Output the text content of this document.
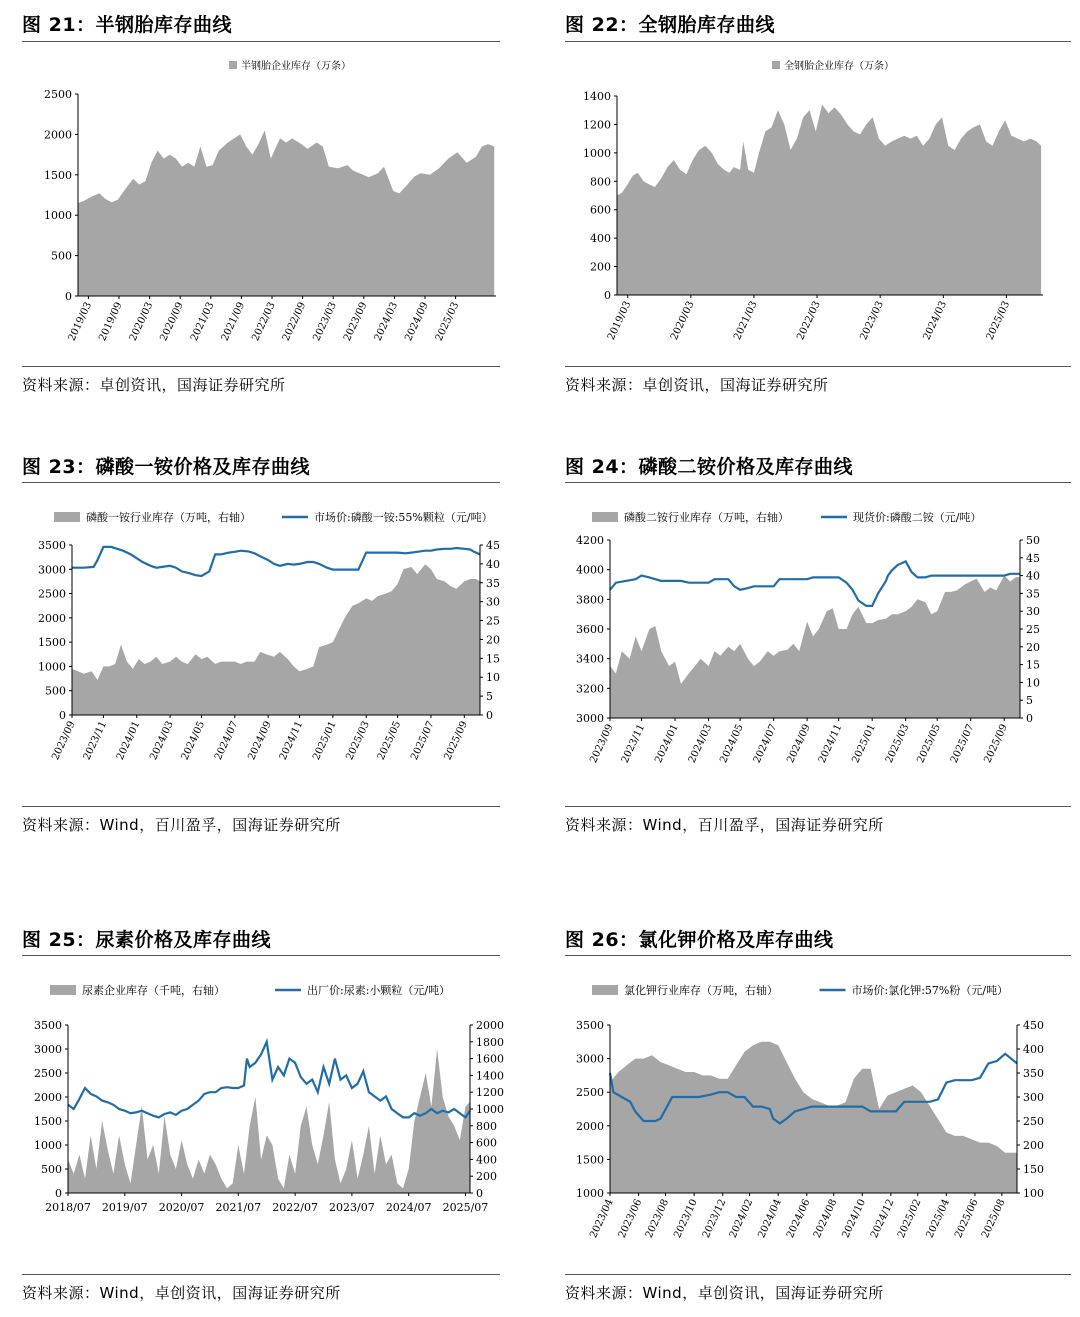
图 21：半钢胎库存曲线
0
500
1000
1500
2000
2500
2019/03 2019/09 2020/03 2020/09 2021/03 2021/09 2022/03 2022/09 2023/03 2023/09 2024/03 2024/09 2025/03
半钢胎企业库存（万条）
资料来源：卓创资讯，国海证券研究所
图 22：全钢胎库存曲线
0
200
400
600
800
1000
1200
1400
2019/03	2020/03	2021/03	2022/03	2023/03	2024/03	2025/03
全钢胎企业库存（万条）
资料来源：卓创资讯，国海证券研究所
图 23：磷酸一铵价格及库存曲线
0
500
1000
1500
2000
2500
3000
3500
0
5
10
15
20
25
30
35
40
45
2023/09 2023/11 2024/01 2024/03 2024/05 2024/07 2024/09 2024/11 2025/01 2025/03 2025/05 2025/07 2025/09
磷酸一铵行业库存（万吨，右轴）	市场价:磷酸一铵:55%颗粒（元/吨）
资料来源：Wind，百川盈孚，国海证券研究所
图 24：磷酸二铵价格及库存曲线
3000
3200
3400
3600
3800
4000
4200
0
5
10
15
20
25
30
35
40
45
50
2023/09 2023/11 2024/01 2024/03 2024/05 2024/07 2024/09 2024/11 2025/01 2025/03 2025/05 2025/07 2025/09
磷酸二铵行业库存（万吨，右轴）	现货价:磷酸二铵（元/吨）
资料来源：Wind，百川盈孚，国海证券研究所
图 25：尿素价格及库存曲线
0
500
1000
1500
2000
2500
3000
3500
0
200
400
600
800
1000
1200
1400
1600
1800
2000
2018/07 2019/07 2020/07 2021/07 2022/07 2023/07 2024/07 2025/07
尿素企业库存（千吨，右轴）	出厂价:尿素:小颗粒（元/吨）
资料来源：Wind，卓创资讯，国海证券研究所
图 26：氯化钾价格及库存曲线
1000
1500
2000
2500
3000
3500
100
150
200
250
300
350
400
450
2023/04 2023/06 2023/08 2023/10 2023/12 2024/02 2024/04 2024/06 2024/08 2024/10 2024/12 2025/02 2025/04 2025/06 2025/08
氯化钾行业库存（万吨，右轴）	市场价:氯化钾:57%粉（元/吨）
资料来源：Wind，卓创资讯，国海证券研究所
